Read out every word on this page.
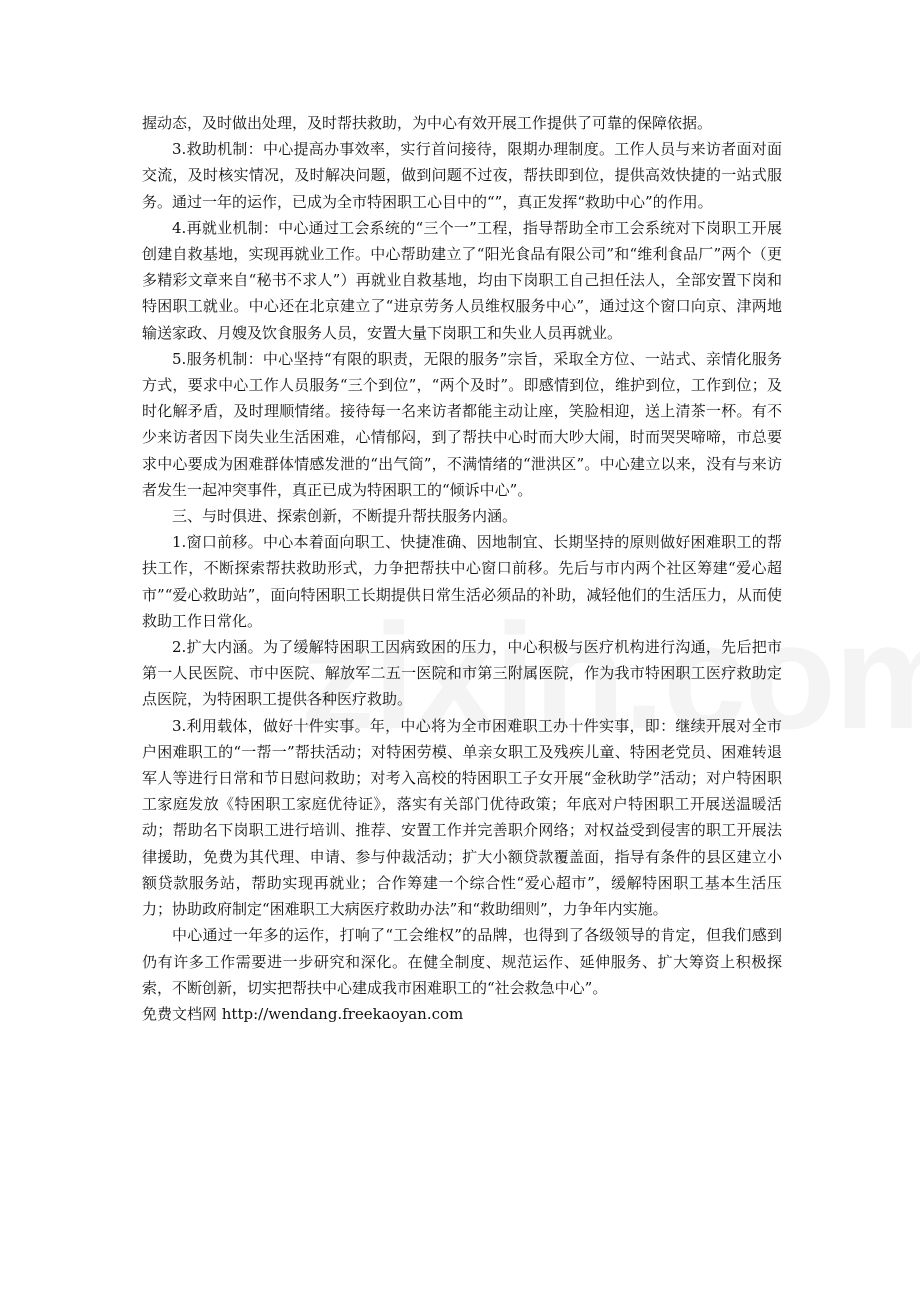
握动态，及时做出处理，及时帮扶救助，为中心有效开展工作提供了可靠的保障依据。

3.救助机制：中心提高办事效率，实行首问接待，限期办理制度。工作人员与来访者面对面交流，及时核实情况，及时解决问题，做到问题不过夜，帮扶即到位，提供高效快捷的一站式服务。通过一年的运作，已成为全市特困职工心目中的“”，真正发挥“救助中心”的作用。

4.再就业机制：中心通过工会系统的“三个一”工程，指导帮助全市工会系统对下岗职工开展创建自救基地，实现再就业工作。中心帮助建立了“阳光食品有限公司”和“维利食品厂”两个（更多精彩文章来自“秘书不求人”）再就业自救基地，均由下岗职工自己担任法人，全部安置下岗和特困职工就业。中心还在北京建立了“进京劳务人员维权服务中心”，通过这个窗口向京、津两地输送家政、月嫂及饮食服务人员，安置大量下岗职工和失业人员再就业。

5.服务机制：中心坚持“有限的职责，无限的服务”宗旨，采取全方位、一站式、亲情化服务方式，要求中心工作人员服务“三个到位”，“两个及时”。即感情到位，维护到位，工作到位；及时化解矛盾，及时理顺情绪。接待每一名来访者都能主动让座，笑脸相迎，送上清茶一杯。有不少来访者因下岗失业生活困难，心情郁闷，到了帮扶中心时而大吵大闹，时而哭哭啼啼，市总要求中心要成为困难群体情感发泄的“出气筒”，不满情绪的“泄洪区”。中心建立以来，没有与来访者发生一起冲突事件，真正已成为特困职工的“倾诉中心”。

三、与时俱进、探索创新，不断提升帮扶服务内涵。

1.窗口前移。中心本着面向职工、快捷准确、因地制宜、长期坚持的原则做好困难职工的帮扶工作，不断探索帮扶救助形式，力争把帮扶中心窗口前移。先后与市内两个社区筹建“爱心超市”“爱心救助站”，面向特困职工长期提供日常生活必须品的补助，减轻他们的生活压力，从而使救助工作日常化。

2.扩大内涵。为了缓解特困职工因病致困的压力，中心积极与医疗机构进行沟通，先后把市第一人民医院、市中医院、解放军二五一医院和市第三附属医院，作为我市特困职工医疗救助定点医院，为特困职工提供各种医疗救助。

3.利用载体，做好十件实事。年，中心将为全市困难职工办十件实事，即：继续开展对全市户困难职工的“一帮一”帮扶活动；对特困劳模、单亲女职工及残疾儿童、特困老党员、困难转退军人等进行日常和节日慰问救助；对考入高校的特困职工子女开展“金秋助学”活动；对户特困职工家庭发放《特困职工家庭优待证》，落实有关部门优待政策；年底对户特困职工开展送温暖活动；帮助名下岗职工进行培训、推荐、安置工作并完善职介网络；对权益受到侵害的职工开展法律援助，免费为其代理、申请、参与仲裁活动；扩大小额贷款覆盖面，指导有条件的县区建立小额贷款服务站，帮助实现再就业；合作筹建一个综合性“爱心超市”，缓解特困职工基本生活压力；协助政府制定“困难职工大病医疗救助办法”和“救助细则”，力争年内实施。

中心通过一年多的运作，打响了“工会维权”的品牌，也得到了各级领导的肯定，但我们感到仍有许多工作需要进一步研究和深化。在健全制度、规范运作、延伸服务、扩大筹资上积极探索，不断创新，切实把帮扶中心建成我市困难职工的“社会救急中心”。

免费文档网 http://wendang.freekaoyan.com
